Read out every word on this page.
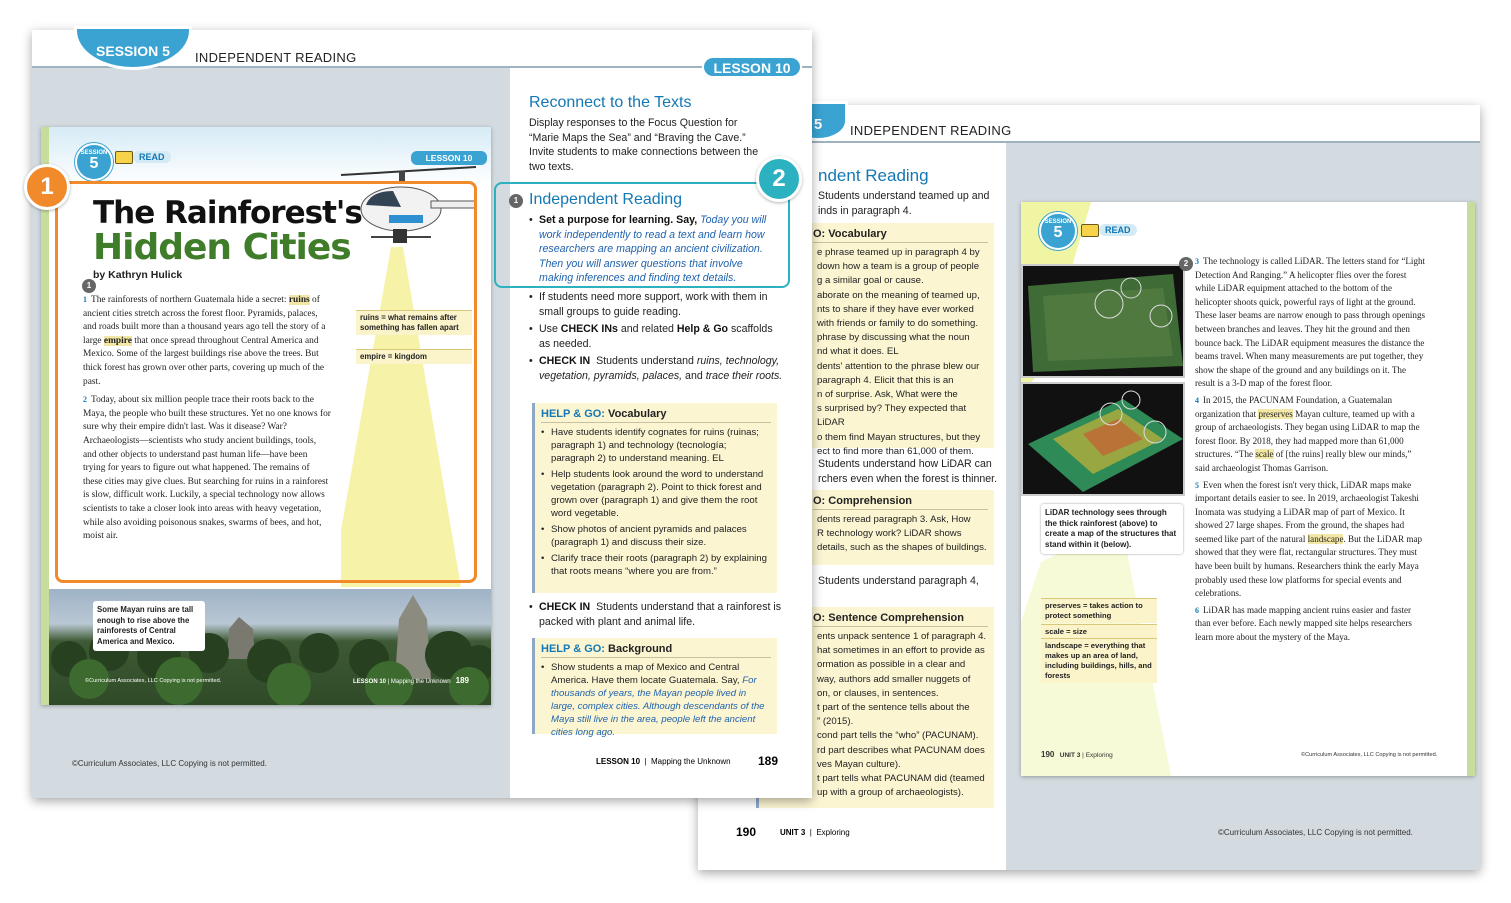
5	INDEPENDENT READING
ndent Reading
Students understand teamed up and
inds in paragraph 4.
O: Vocabulary
e phrase teamed up in paragraph 4 by
down how a team is a group of people
g a similar goal or cause.
aborate on the meaning of teamed up,
nts to share if they have ever worked
with friends or family to do something.
phrase by discussing what the noun
nd what it does. EL
dents' attention to the phrase blew our
paragraph 4. Elicit that this is an
n of surprise. Ask, What were the
s surprised by? They expected that LiDAR
o them find Mayan structures, but they
ect to find more than 61,000 of them.
Students understand how LiDAR can
rchers even when the forest is thinner.
O: Comprehension
dents reread paragraph 3. Ask, How
R technology work? LiDAR shows
details, such as the shapes of buildings.
Students understand paragraph 4,
O: Sentence Comprehension
ents unpack sentence 1 of paragraph 4.
hat sometimes in an effort to provide as
ormation as possible in a clear and
way, authors add smaller nuggets of
on, or clauses, in sentences.
t part of the sentence tells about the
” (2015).
cond part tells the “who” (PACUNAM).
rd part describes what PACUNAM does
ves Mayan culture).
t part tells what PACUNAM did (teamed
up with a group of archaeologists).
190	UNIT 3  |  Exploring	©Curriculum Associates, LLC Copying is not permitted.
SESSION
5	READ
LiDAR technology sees through the thick rainforest (above) to create a map of the structures that stand within it (below).
preserves = takes action to protect something
scale = size
landscape = everything that makes up an area of land, including buildings, hills, and forests
2 3 The technology is called LiDAR. The letters stand for “Light Detection And Ranging.” A helicopter flies over the forest while LiDAR equipment attached to the bottom of the helicopter shoots quick, powerful rays of light at the ground. These laser beams are narrow enough to pass through openings between branches and leaves. They hit the ground and then bounce back. The LiDAR equipment measures the distance the beams travel. When many measurements are put together, they show the shape of the ground and any buildings on it. The result is a 3-D map of the forest floor.

4 In 2015, the PACUNAM Foundation, a Guatemalan organization that preserves Mayan culture, teamed up with a group of archaeologists. They began using LiDAR to map the forest floor. By 2018, they had mapped more than 61,000 structures. “The scale of [the ruins] really blew our minds,” said archaeologist Thomas Garrison.

5 Even when the forest isn't very thick, LiDAR maps make important details easier to see. In 2019, archaeologist Takeshi Inomata was studying a LiDAR map of part of Mexico. It showed 27 large shapes. From the ground, the shapes had seemed like part of the natural landscape. But the LiDAR map showed that they were flat, rectangular structures. They must have been built by humans. Researchers think the early Maya probably used these low platforms for special events and celebrations.

6 LiDAR has made mapping ancient ruins easier and faster than ever before. Each newly mapped site helps researchers learn more about the mystery of the Maya.

190 UNIT 3 | Exploring	©Curriculum Associates, LLC Copying is not permitted.
SESSION 5	INDEPENDENT READING
LESSON 10
SESSION
5	READ	LESSON 10
The Rainforest's
Hidden Cities
by Kathryn Hulick
1
ruins = what remains after something has fallen apart
empire = kingdom

1 The rainforests of northern Guatemala hide a secret: ruins of ancient cities stretch across the forest floor. Pyramids, palaces, and roads built more than a thousand years ago tell the story of a large empire that once spread throughout Central America and Mexico. Some of the largest buildings rise above the trees. But thick forest has grown over other parts, covering up much of the past.

2 Today, about six million people trace their roots back to the Maya, the people who built these structures. Yet no one knows for sure why their empire didn't last. Was it disease? War? Archaeologists—scientists who study ancient buildings, tools, and other objects to understand past human life—have been trying for years to figure out what happened. The remains of these cities may give clues. But searching for ruins in a rainforest is slow, difficult work. Luckily, a special technology now allows scientists to take a closer look into areas with heavy vegetation, while also avoiding poisonous snakes, swarms of bees, and hot, moist air.

Some Mayan ruins are tall enough to rise above the rainforests of Central America and Mexico.
©Curriculum Associates, LLC Copying is not permitted.	LESSON 10 | Mapping the Unknown 189
1
Reconnect to the Texts
Display responses to the Focus Question for “Marie Maps the Sea” and “Braving the Cave.” Invite students to make connections between the two texts.	2
1 Independent Reading
• Set a purpose for learning. Say, Today you will work independently to read a text and learn how researchers are mapping an ancient civilization. Then you will answer questions that involve making inferences and finding text details.
• If students need more support, work with them in small groups to guide reading.
• Use CHECK INs and related Help & Go scaffolds as needed.
• CHECK IN Students understand ruins, technology, vegetation, pyramids, palaces, and trace their roots.
HELP & GO: Vocabulary
• Have students identify cognates for ruins (ruinas; paragraph 1) and technology (tecnología; paragraph 2) to understand meaning. EL
• Help students look around the word to understand vegetation (paragraph 2). Point to thick forest and grown over (paragraph 1) and give them the root word vegetable.
• Show photos of ancient pyramids and palaces (paragraph 1) and discuss their size.
• Clarify trace their roots (paragraph 2) by explaining that roots means “where you are from.”
• CHECK IN Students understand that a rainforest is packed with plant and animal life.
HELP & GO: Background
• Show students a map of Mexico and Central America. Have them locate Guatemala. Say, For thousands of years, the Mayan people lived in large, complex cities. Although descendants of the Maya still live in the area, people left the ancient cities long ago.
©Curriculum Associates, LLC Copying is not permitted.	LESSON 10  |  Mapping the Unknown 189
